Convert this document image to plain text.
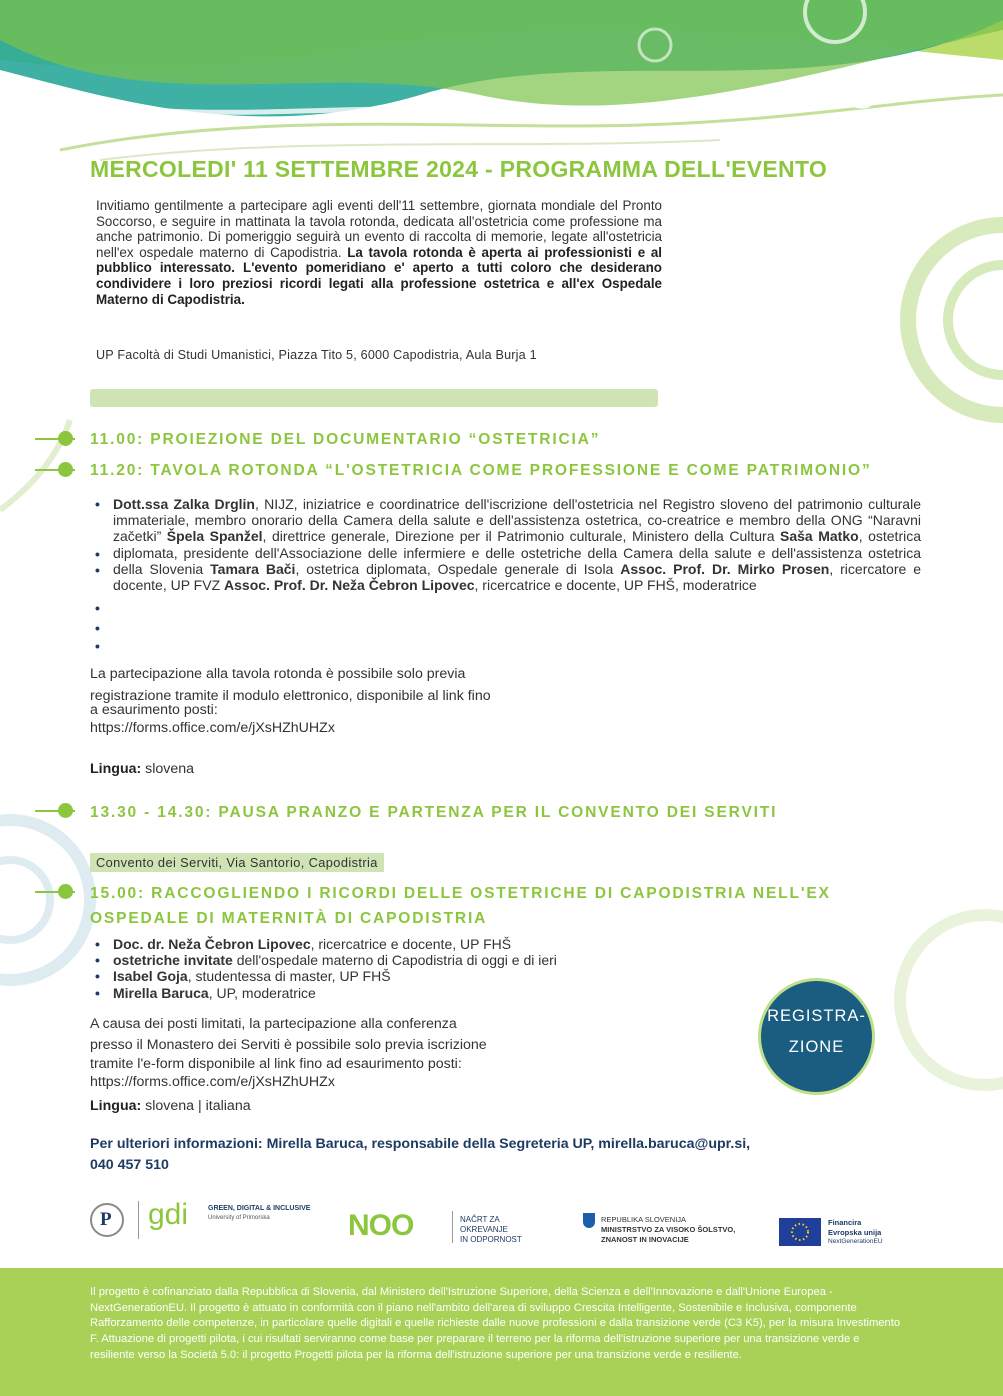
gdi
MERCOLEDI' 11 SETTEMBRE 2024 - PROGRAMMA DELL'EVENTO
Invitiamo gentilmente a partecipare agli eventi dell'11 settembre, giornata mondiale del Pronto Soccorso, e seguire in mattinata la tavola rotonda, dedicata all'ostetricia come professione ma anche patrimonio. Di pomeriggio seguirà un evento di raccolta di memorie, legate all'ostetricia nell'ex ospedale materno di Capodistria. La tavola rotonda è aperta ai professionisti e al pubblico interessato. L'evento pomeridiano e' aperto a tutti coloro che desiderano condividere i loro preziosi ricordi legati alla professione ostetrica e all'ex Ospedale Materno di Capodistria.
UP Facoltà di Studi Umanistici, Piazza Tito 5, 6000 Capodistria, Aula Burja 1
11.00: PROIEZIONE DEL DOCUMENTARIO “OSTETRICIA”
11.20: TAVOLA ROTONDA “L'OSTETRICIA COME PROFESSIONE E COME PATRIMONIO”
• Dott.ssa Zalka Drglin, NIJZ, iniziatrice e coordinatrice dell'iscrizione dell'ostetricia nel Registro sloveno del patrimonio culturale immateriale, membro onorario della Camera della salute e dell'assistenza ostetrica, co-creatrice e membro della ONG “Naravni začetki” Špela Spanžel, direttrice generale, Direzione per il Patrimonio culturale, Ministero della Cultura Saša Matko, ostetrica diplomata, presidente dell'Associazione delle infermiere e delle ostetriche della Camera della salute e dell'assistenza ostetrica della Slovenia Tamara Bači, ostetrica diplomata, Ospedale generale di Isola Assoc. Prof. Dr. Mirko Prosen, ricercatore e docente, UP FVZ Assoc. Prof. Dr. Neža Čebron Lipovec, ricercatrice e docente, UP FHŠ, moderatrice
•
•
•
•
•
La partecipazione alla tavola rotonda è possibile solo previa
registrazione tramite il modulo elettronico, disponibile al link fino
a esaurimento posti:
https://forms.office.com/e/jXsHZhUHZx
Lingua: slovena
13.30 - 14.30: PAUSA PRANZO E PARTENZA PER IL CONVENTO DEI SERVITI
Convento dei Serviti, Via Santorio, Capodistria
15.00: RACCOGLIENDO I RICORDI DELLE OSTETRICHE DI CAPODISTRIA NELL'EX
OSPEDALE DI MATERNITÀ DI CAPODISTRIA
• Doc. dr. Neža Čebron Lipovec, ricercatrice e docente, UP FHŠ
• ostetriche invitate dell'ospedale materno di Capodistria di oggi e di ieri
• Isabel Goja, studentessa di master, UP FHŠ
• Mirella Baruca, UP, moderatrice
A causa dei posti limitati, la partecipazione alla conferenza
presso il Monastero dei Serviti è possibile solo previa iscrizione
tramite l'e-form disponibile al link fino ad esaurimento posti:
https://forms.office.com/e/jXsHZhUHZx
Lingua: slovena | italiana
REGISTRA-
ZIONE
Per ulteriori informazioni: Mirella Baruca, responsabile della Segreteria UP, mirella.baruca@upr.si,
040 457 510
P gdi	GREEN, DIGITAL & INCLUSIVE
University of Primorska	NOO	NAČRT ZA
OKREVANJE
IN ODPORNOST
REPUBLIKA SLOVENIJA
MINISTRSTVO ZA VISOKO ŠOLSTVO,
ZNANOST IN INOVACIJE
Financira
Evropska unija
NextGenerationEU
Il progetto è cofinanziato dalla Repubblica di Slovenia, dal Ministero dell'Istruzione Superiore, della Scienza e dell'Innovazione e dall'Unione Europea - NextGenerationEU. Il progetto è attuato in conformità con il piano nell'ambito dell'area di sviluppo Crescita Intelligente, Sostenibile e Inclusiva, componente Rafforzamento delle competenze, in particolare quelle digitali e quelle richieste dalle nuove professioni e dalla transizione verde (C3 K5), per la misura Investimento F. Attuazione di progetti pilota, i cui risultati serviranno come base per preparare il terreno per la riforma dell'istruzione superiore per una transizione verde e resiliente verso la Società 5.0: il progetto Progetti pilota per la riforma dell'istruzione superiore per una transizione verde e resiliente.
